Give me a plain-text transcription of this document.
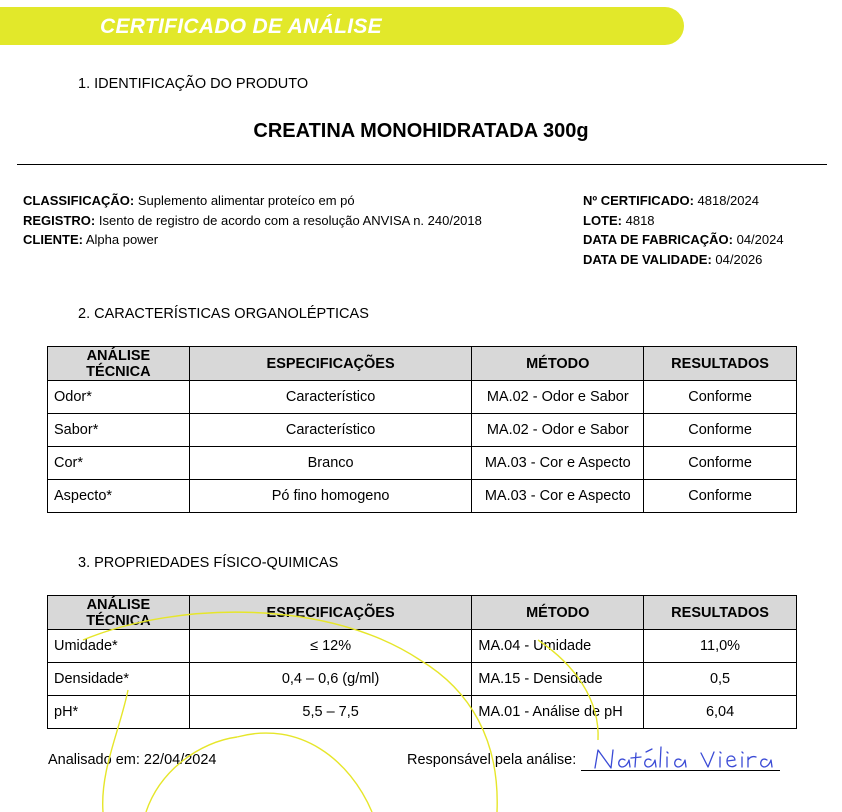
CERTIFICADO DE ANÁLISE
1. IDENTIFICAÇÃO DO PRODUTO
CREATINA MONOHIDRATADA 300g
CLASSIFICAÇÃO: Suplemento alimentar proteíco em pó
REGISTRO: Isento de registro de acordo com a resolução ANVISA n. 240/2018
CLIENTE: Alpha power
Nº CERTIFICADO: 4818/2024
LOTE: 4818
DATA DE FABRICAÇÃO: 04/2024
DATA DE VALIDADE: 04/2026
2. CARACTERÍSTICAS ORGANOLÉPTICAS
ANÁLISE TÉCNICA	ESPECIFICAÇÕES	MÉTODO	RESULTADOS
Odor*	Característico	MA.02 - Odor e Sabor	Conforme
Sabor*	Característico	MA.02 - Odor e Sabor	Conforme
Cor*	Branco	MA.03 - Cor e Aspecto	Conforme
Aspecto*	Pó fino homogeno	MA.03 - Cor e Aspecto	Conforme
3. PROPRIEDADES FÍSICO-QUIMICAS
ANÁLISE TÉCNICA	ESPECIFICAÇÕES	MÉTODO	RESULTADOS
Umidade*	≤ 12%	MA.04 - Umidade	11,0%
Densidade*	0,4 – 0,6 (g/ml)	MA.15 - Densidade	0,5
pH*	5,5 – 7,5	MA.01 - Análise de pH	6,04
Analisado em: 22/04/2024	Responsável pela análise:
